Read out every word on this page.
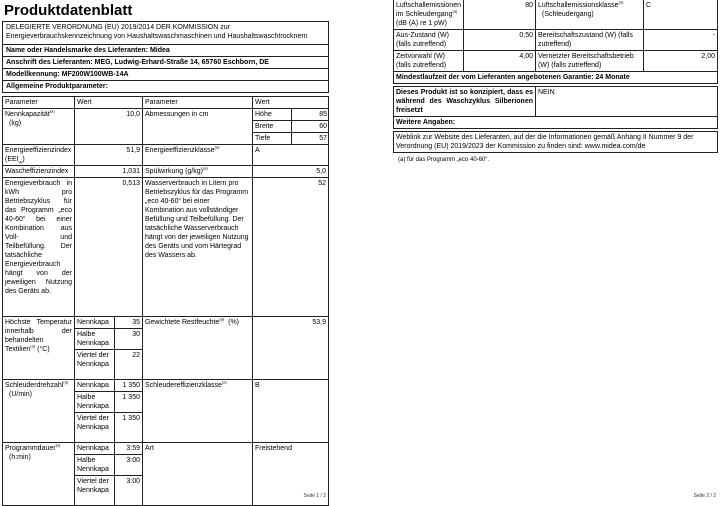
Produktdatenblatt
DELEGIERTE VERORDNUNG (EU) 2019/2014 DER KOMMISSION zur Energieverbrauchskennzeichnung von Haushaltswaschmaschinen und Haushaltswaschtrocknern
Name oder Handelsmarke des Lieferanten: Midea
Anschrift des Lieferanten: MEG, Ludwig-Erhard-Straße 14, 65760 Eschborn, DE
Modellkennung: MF200W100WB-14A
Allgemeine Produktparameter:
Parameter	Wert	Parameter	Wert
Nennkapazität$^{(a)}$
(kg)	10,0	Abmessungen in cm		Höhe	85
Breite	60
Tiefe	57

Energieeffizienzindex
$(EEI_W)$	51,9	Energieeffizienzklasse$^{(a)}$	A
Wascheffizienzindex	1,031	Spülwirkung $(g/kg)^{(a)}$	5,0
Energieverbrauch in kWh pro Betriebszyklus für das Programm „eco 40-60“ bei einer Kombination aus Voll- und Teilbefüllung. Der tatsächliche Energieverbrauch hängt von der jeweiligen Nutzung des Geräts ab.	0,513	Wasserverbrauch in Litern pro Betriebszyklus für das Programm „eco 40-60“ bei einer Kombination aus vollständiger Befüllung und Teilbefüllung. Der tatsächliche Wasserverbrauch hängt von der jeweiligen Nutzung des Geräts und vom Härtegrad des Wassers ab.	52
Höchste Temperatur innerhalb der behandelten Textilien$^{(a)}$ (°C)	Nennkapa	35	Gewichtete Restfeuchte$^{(a)}$ (%)	53,9
	Halbe Nennkapa	30		
	Viertel der Nennkapa	22		
Schleuderdrehzahl$^{(a)}$
(U/min)	Nennkapa	1 350	Schleudereffizienzklasse$^{(a)}$	B
	Halbe Nennkapa	1 350		
	Viertel der Nennkapa	1 350		
Programmdauer$^{(a)}$
(h:min)	Nennkapa	3:59	Art	Freistehend
	Halbe Nennkapa	3:00		
	Viertel der Nennkapa	3:00		
Seite 1 / 2
Luftschallemissionen im Schleudergang$^{(a)}$
(dB (A) re 1 pW)	80	Luftschallemissionsklasse$^{(a)}$
(Schleudergang)	C
Aus-Zustand (W) (falls zutreffend)	0,50	Bereitschaftszustand (W) (falls zutreffend)	-
Zeitvorwahl (W) (falls zutreffend)	4,00	Vernetzter Bereitschaftsbetrieb (W) (falls zutreffend)	2,00
Mindestlaufzeit der vom Lieferanten angebotenen Garantie: 24 Monate			

Dieses Produkt ist so konzipiert, dass es während des Waschzyklus Silberionen freisetzt		NEIN	
Weitere Angaben:			

Weblink zur Website des Lieferanten, auf der die Informationen gemäß Anhang II Nummer 9 der Verordnung (EU) 2019/2023 der Kommission zu finden sind: www.midea.com/de			
(a) für das Programm „eco 40-60“.
Seite 2 / 2
